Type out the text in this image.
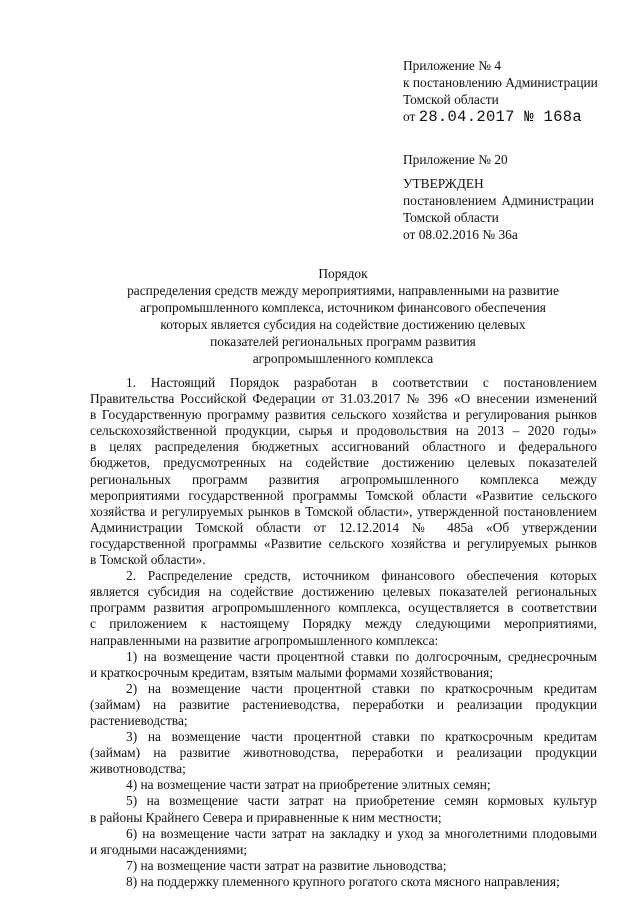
Приложение № 4
к постановлению Администрации
Томской области
от 28.04.2017 № 168а
Приложение № 20
УТВЕРЖДЕН
постановлением Администрации
Томской области
от 08.02.2016 № 36а
Порядок
распределения средств между мероприятиями, направленными на развитие
агропромышленного комплекса, источником финансового обеспечения
которых является субсидия на содействие достижению целевых
показателей региональных программ развития
агропромышленного комплекса
1. Настоящий Порядок разработан в соответствии с постановлением
Правительства Российской Федерации от 31.03.2017 № 396 «О внесении изменений
в Государственную программу развития сельского хозяйства и регулирования рынков
сельскохозяйственной продукции, сырья и продовольствия на 2013 – 2020 годы»
в целях распределения бюджетных ассигнований областного и федерального
бюджетов, предусмотренных на содействие достижению целевых показателей
региональных программ развития агропромышленного комплекса между
мероприятиями государственной программы Томской области «Развитие сельского
хозяйства и регулируемых рынков в Томской области», утвержденной постановлением
Администрации Томской области от 12.12.2014 № 485а «Об утверждении
государственной программы «Развитие сельского хозяйства и регулируемых рынков
в Томской области».
2. Распределение средств, источником финансового обеспечения которых
является субсидия на содействие достижению целевых показателей региональных
программ развития агропромышленного комплекса, осуществляется в соответствии
с приложением к настоящему Порядку между следующими мероприятиями,
направленными на развитие агропромышленного комплекса:
1) на возмещение части процентной ставки по долгосрочным, среднесрочным
и краткосрочным кредитам, взятым малыми формами хозяйствования;
2) на возмещение части процентной ставки по краткосрочным кредитам
(займам) на развитие растениеводства, переработки и реализации продукции
растениеводства;
3) на возмещение части процентной ставки по краткосрочным кредитам
(займам) на развитие животноводства, переработки и реализации продукции
животноводства;
4) на возмещение части затрат на приобретение элитных семян;
5) на возмещение части затрат на приобретение семян кормовых культур
в районы Крайнего Севера и приравненные к ним местности;
6) на возмещение части затрат на закладку и уход за многолетними плодовыми
и ягодными насаждениями;
7) на возмещение части затрат на развитие льноводства;
8) на поддержку племенного крупного рогатого скота мясного направления;
